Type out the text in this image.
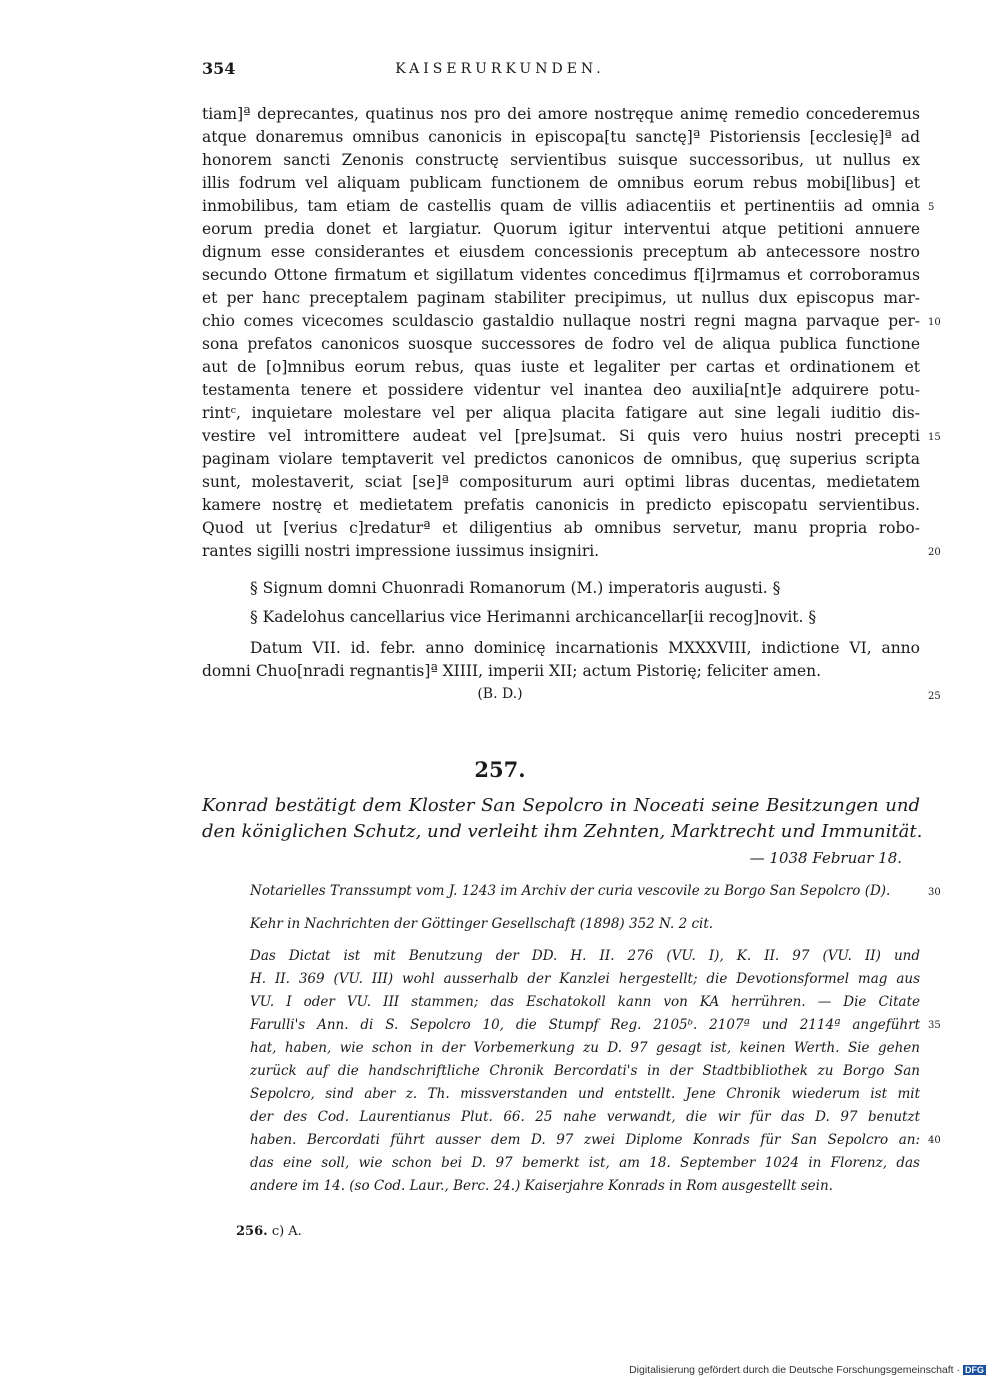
354	KAISERURKUNDEN.
tiam]ª deprecantes, quatinus nos pro dei amore nostręque animę remedio concederemus
atque donaremus omnibus canonicis in episcopa[tu sanctę]ª Pistoriensis [ecclesię]ª ad
honorem sancti Zenonis constructę servientibus suisque successoribus, ut nullus ex
illis fodrum vel aliquam publicam functionem de omnibus eorum rebus mobi[libus] et
inmobilibus, tam etiam de castellis quam de villis adiacentiis et pertinentiis ad omnia
eorum predia donet et largiatur. Quorum igitur interventui atque petitioni annuere
dignum esse considerantes et eiusdem concessionis preceptum ab antecessore nostro
secundo Ottone firmatum et sigillatum videntes concedimus f[i]rmamus et corroboramus
et per hanc preceptalem paginam stabiliter precipimus, ut nullus dux episcopus mar-
chio comes vicecomes sculdascio gastaldio nullaque nostri regni magna parvaque per-
sona prefatos canonicos suosque successores de fodro vel de aliqua publica functione
aut de [o]mnibus eorum rebus, quas iuste et legaliter per cartas et ordinationem et
testamenta tenere et possidere videntur vel inantea deo auxilia[nt]e adquirere potu-
rintᶜ, inquietare molestare vel per aliqua placita fatigare aut sine legali iuditio dis-
vestire vel intromittere audeat vel [pre]sumat. Si quis vero huius nostri precepti
paginam violare temptaverit vel predictos canonicos de omnibus, quę superius scripta
sunt, molestaverit, sciat [se]ª compositurum auri optimi libras ducentas, medietatem
kamere nostrę et medietatem prefatis canonicis in predicto episcopatu servientibus.
Quod ut [verius c]redaturª et diligentius ab omnibus servetur, manu propria robo-
rantes sigilli nostri impressione iussimus insigniri.
5
10
15
20
25
30
35
40
§ Signum domni Chuonradi Romanorum (M.) imperatoris augusti. §
§ Kadelohus cancellarius vice Herimanni archicancellar[ii recog]novit. §
Datum VII. id. febr. anno dominicę incarnationis MXXXVIII, indictione VI, anno
domni Chuo[nradi regnantis]ª XIIII, imperii XII; actum Pistorię; feliciter amen.
(B. D.)
257.
Konrad bestätigt dem Kloster San Sepolcro in Noceati seine Besitzungen und
den königlichen Schutz, und verleiht ihm Zehnten, Marktrecht und Immunität.
— 1038 Februar 18.
Notarielles Transsumpt vom J. 1243 im Archiv der curia vescovile zu Borgo San Sepolcro (D).
Kehr in Nachrichten der Göttinger Gesellschaft (1898) 352 N. 2 cit.
Das Dictat ist mit Benutzung der DD. H. II. 276 (VU. I), K. II. 97 (VU. II) und
H. II. 369 (VU. III) wohl ausserhalb der Kanzlei hergestellt; die Devotionsformel mag aus
VU. I oder VU. III stammen; das Eschatokoll kann von KA herrühren. — Die Citate
Farulli's Ann. di S. Sepolcro 10, die Stumpf Reg. 2105ᵇ. 2107ª und 2114ª angeführt
hat, haben, wie schon in der Vorbemerkung zu D. 97 gesagt ist, keinen Werth. Sie gehen
zurück auf die handschriftliche Chronik Bercordati's in der Stadtbibliothek zu Borgo San
Sepolcro, sind aber z. Th. missverstanden und entstellt. Jene Chronik wiederum ist mit
der des Cod. Laurentianus Plut. 66. 25 nahe verwandt, die wir für das D. 97 benutzt
haben. Bercordati führt ausser dem D. 97 zwei Diplome Konrads für San Sepolcro an:
das eine soll, wie schon bei D. 97 bemerkt ist, am 18. September 1024 in Florenz, das
andere im 14. (so Cod. Laur., Berc. 24.) Kaiserjahre Konrads in Rom ausgestellt sein.
256. c) A.
Digitalisierung gefördert durch die Deutsche Forschungsgemeinschaft · DFG
